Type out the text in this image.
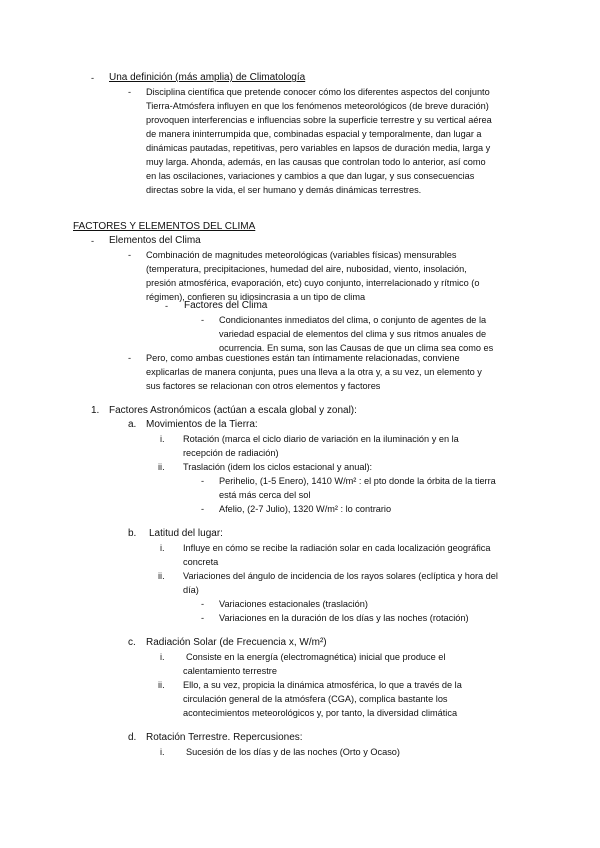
- Una definición (más amplia) de Climatología
- Disciplina científica que pretende conocer cómo los diferentes aspectos del conjunto
Tierra-Atmósfera influyen en que los fenómenos meteorológicos (de breve duración)
provoquen interferencias e influencias sobre la superficie terrestre y su vertical aérea
de manera ininterrumpida que, combinadas espacial y temporalmente, dan lugar a
dinámicas pautadas, repetitivas, pero variables en lapsos de duración media, larga y
muy larga. Ahonda, además, en las causas que controlan todo lo anterior, así como
en las oscilaciones, variaciones y cambios a que dan lugar, y sus consecuencias
directas sobre la vida, el ser humano y demás dinámicas terrestres.
FACTORES Y ELEMENTOS DEL CLIMA
- Elementos del Clima
- Combinación de magnitudes meteorológicas (variables físicas) mensurables
(temperatura, precipitaciones, humedad del aire, nubosidad, viento, insolación,
presión atmosférica, evaporación, etc) cuyo conjunto, interrelacionado y rítmico (o
régimen), confieren su idiosincrasia a un tipo de clima
- Factores del Clima
- Condicionantes inmediatos del clima, o conjunto de agentes de la
variedad espacial de elementos del clima y sus ritmos anuales de
ocurrencia. En suma, son las Causas de que un clima sea como es
- Pero, como ambas cuestiones están tan íntimamente relacionadas, conviene
explicarlas de manera conjunta, pues una lleva a la otra y, a su vez, un elemento y
sus factores se relacionan con otros elementos y factores
1. Factores Astronómicos (actúan a escala global y zonal):
a. Movimientos de la Tierra:
i. Rotación (marca el ciclo diario de variación en la iluminación y en la
recepción de radiación)
ii. Traslación (idem los ciclos estacional y anual):
- Perihelio, (1-5 Enero), 1410 W/m² : el pto donde la órbita de la tierra
está más cerca del sol
- Afelio, (2-7 Julio), 1320 W/m² : lo contrario
b. Latitud del lugar:
i. Influye en cómo se recibe la radiación solar en cada localización geográfica
concreta
ii. Variaciones del ángulo de incidencia de los rayos solares (eclíptica y hora del
día)
- Variaciones estacionales (traslación)
- Variaciones en la duración de los días y las noches (rotación)
c. Radiación Solar (de Frecuencia x, W/m²)
i. Consiste en la energía (electromagnética) inicial que produce el
calentamiento terrestre
ii. Ello, a su vez, propicia la dinámica atmosférica, lo que a través de la
circulación general de la atmósfera (CGA), complica bastante los
acontecimientos meteorológicos y, por tanto, la diversidad climática
d. Rotación Terrestre. Repercusiones:
i. Sucesión de los días y de las noches (Orto y Ocaso)
